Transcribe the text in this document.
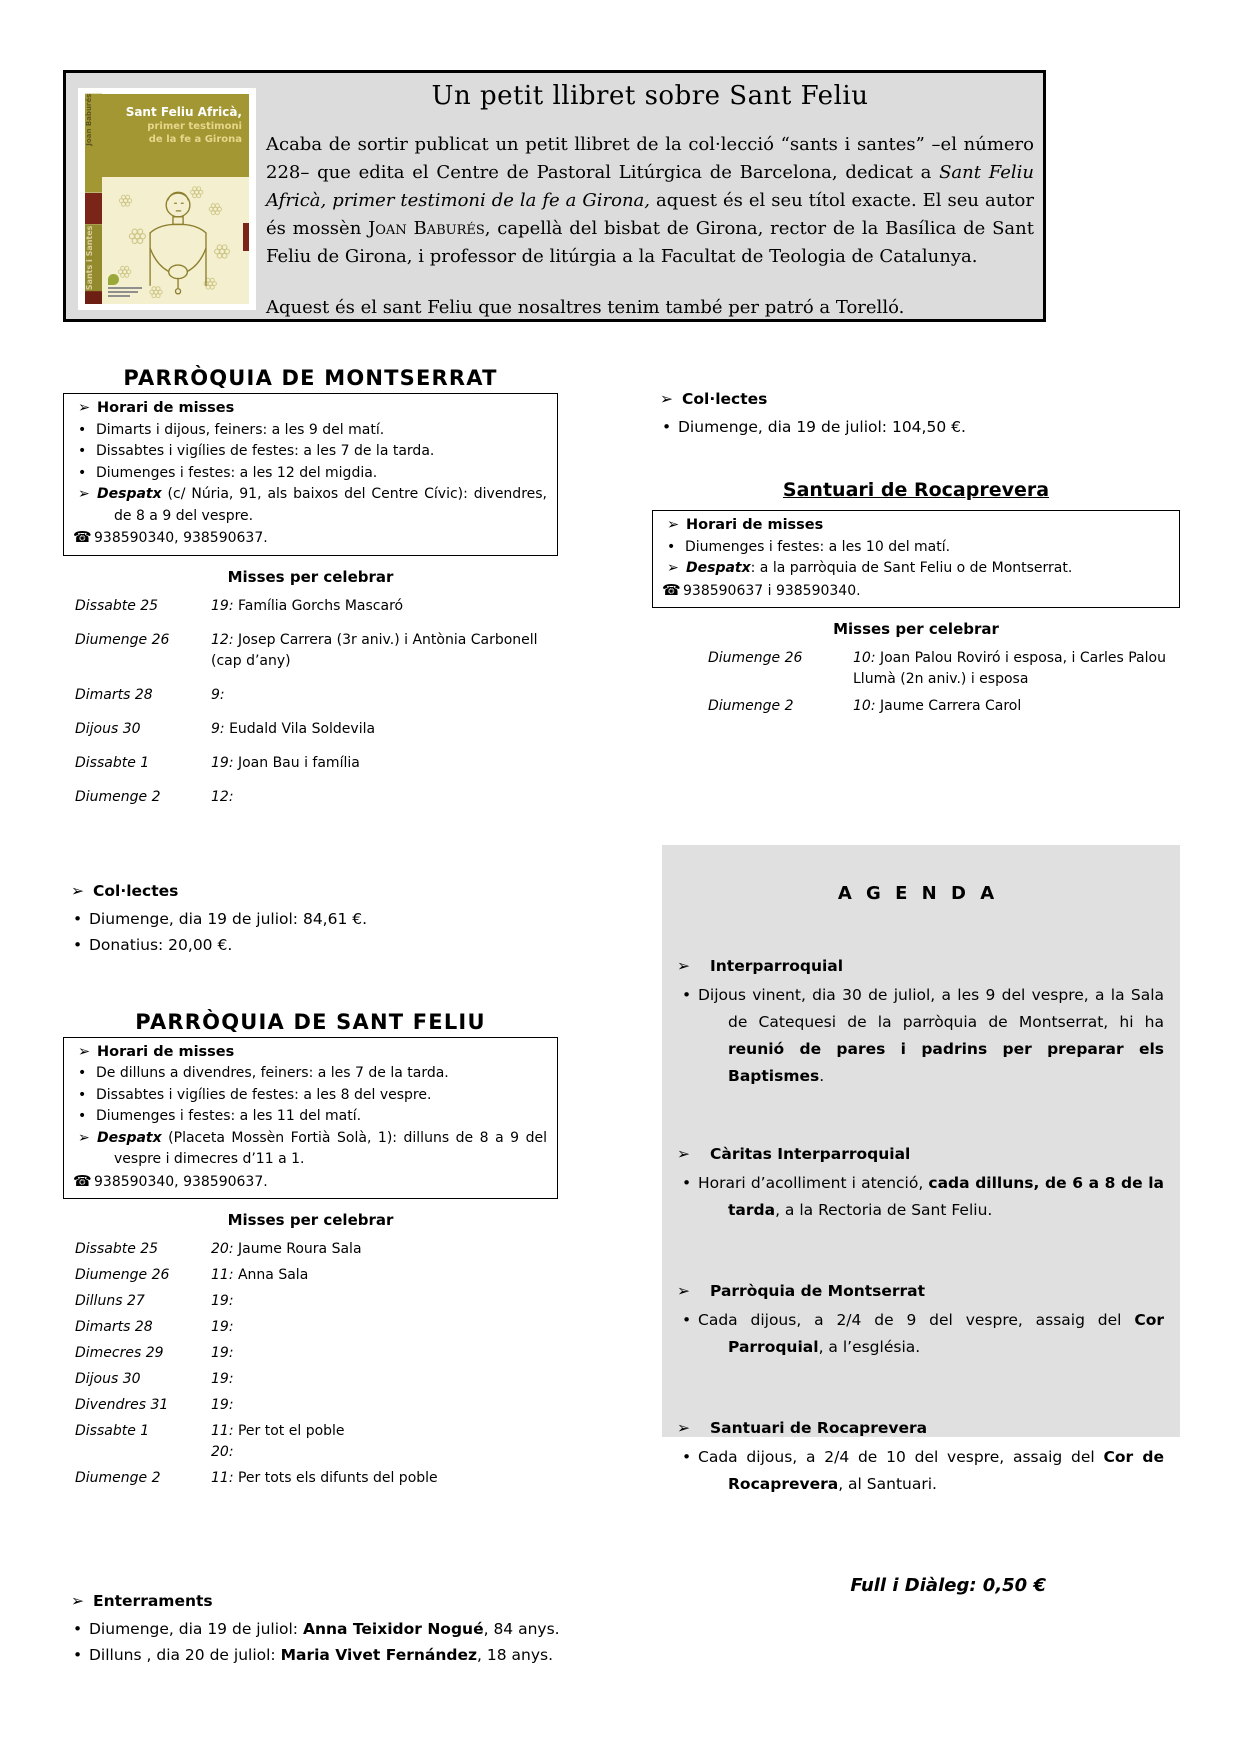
Joan Baburés
Sants i Santes
Sant Feliu Africà,
primer testimoni
de la fe a Girona
Un petit llibret sobre Sant Feliu

Acaba de sortir publicat un petit llibret de la col·lecció “sants i santes” –el número 228– que edita el Centre de Pastoral Litúrgica de Barcelona, dedicat a Sant Feliu Africà, primer testimoni de la fe a Girona, aquest és el seu títol exacte. El seu autor és mossèn Joan Baburés, capellà del bisbat de Girona, rector de la Basílica de Sant Feliu de Girona, i professor de litúrgia a la Facultat de Teologia de Catalunya.

Aquest és el sant Feliu que nosaltres tenim també per patró a Torelló.

PARRÒQUIA DE MONTSERRAT
➢ Horari de misses
• Dimarts i dijous, feiners: a les 9 del matí.
• Dissabtes i vigílies de festes: a les 7 de la tarda.
• Diumenges i festes: a les 12 del migdia.
➢ Despatx (c/ Núria, 91, als baixos del Centre Cívic): divendres, de 8 a 9 del vespre.
☎ 938590340, 938590637.
Misses per celebrar
Dissabte 25	19: Família Gorchs Mascaró
Diumenge 26	12: Josep Carrera (3r aniv.) i Antònia Carbonell (cap d’any)
Dimarts 28	9:
Dijous 30	9: Eudald Vila Soldevila
Dissabte 1	19: Joan Bau i família
Diumenge 2	12:
➢ Col·lectes
• Diumenge, dia 19 de juliol: 84,61 €.
• Donatius: 20,00 €.
PARRÒQUIA DE SANT FELIU
➢ Horari de misses
• De dilluns a divendres, feiners: a les 7 de la tarda.
• Dissabtes i vigílies de festes: a les 8 del vespre.
• Diumenges i festes: a les 11 del matí.
➢ Despatx (Placeta Mossèn Fortià Solà, 1): dilluns de 8 a 9 del vespre i dimecres d’11 a 1.
☎ 938590340, 938590637.
Misses per celebrar
Dissabte 25	20: Jaume Roura Sala
Diumenge 26	11: Anna Sala
Dilluns 27	19:
Dimarts 28	19:
Dimecres 29	19:
Dijous 30	19:
Divendres 31	19:
Dissabte 1	11: Per tot el poble
20:
Diumenge 2	11: Per tots els difunts del poble
➢ Enterraments
• Diumenge, dia 19 de juliol: Anna Teixidor Nogué, 84 anys.
• Dilluns , dia 20 de juliol: Maria Vivet Fernández, 18 anys.
➢ Col·lectes
• Diumenge, dia 19 de juliol: 104,50 €.
Santuari de Rocaprevera
➢ Horari de misses
• Diumenges i festes: a les 10 del matí.
➢ Despatx: a la parròquia de Sant Feliu o de Montserrat.
☎ 938590637 i 938590340.
Misses per celebrar
Diumenge 26	10: Joan Palou Roviró i esposa, i Carles Palou Llumà (2n aniv.) i esposa
Diumenge 2	10: Jaume Carrera Carol
A G E N D A
➢ Interparroquial
• Dijous vinent, dia 30 de juliol, a les 9 del vespre, a la Sala de Catequesi de la parròquia de Montserrat, hi ha reunió de pares i padrins per preparar els Baptismes.
➢ Càritas Interparroquial
• Horari d’acolliment i atenció, cada dilluns, de 6 a 8 de la tarda, a la Rectoria de Sant Feliu.
➢ Parròquia de Montserrat
• Cada dijous, a 2/4 de 9 del vespre, assaig del Cor Parroquial, a l’església.
➢ Santuari de Rocaprevera
• Cada dijous, a 2/4 de 10 del vespre, assaig del Cor de Rocaprevera, al Santuari.
Full i Diàleg: 0,50 €
